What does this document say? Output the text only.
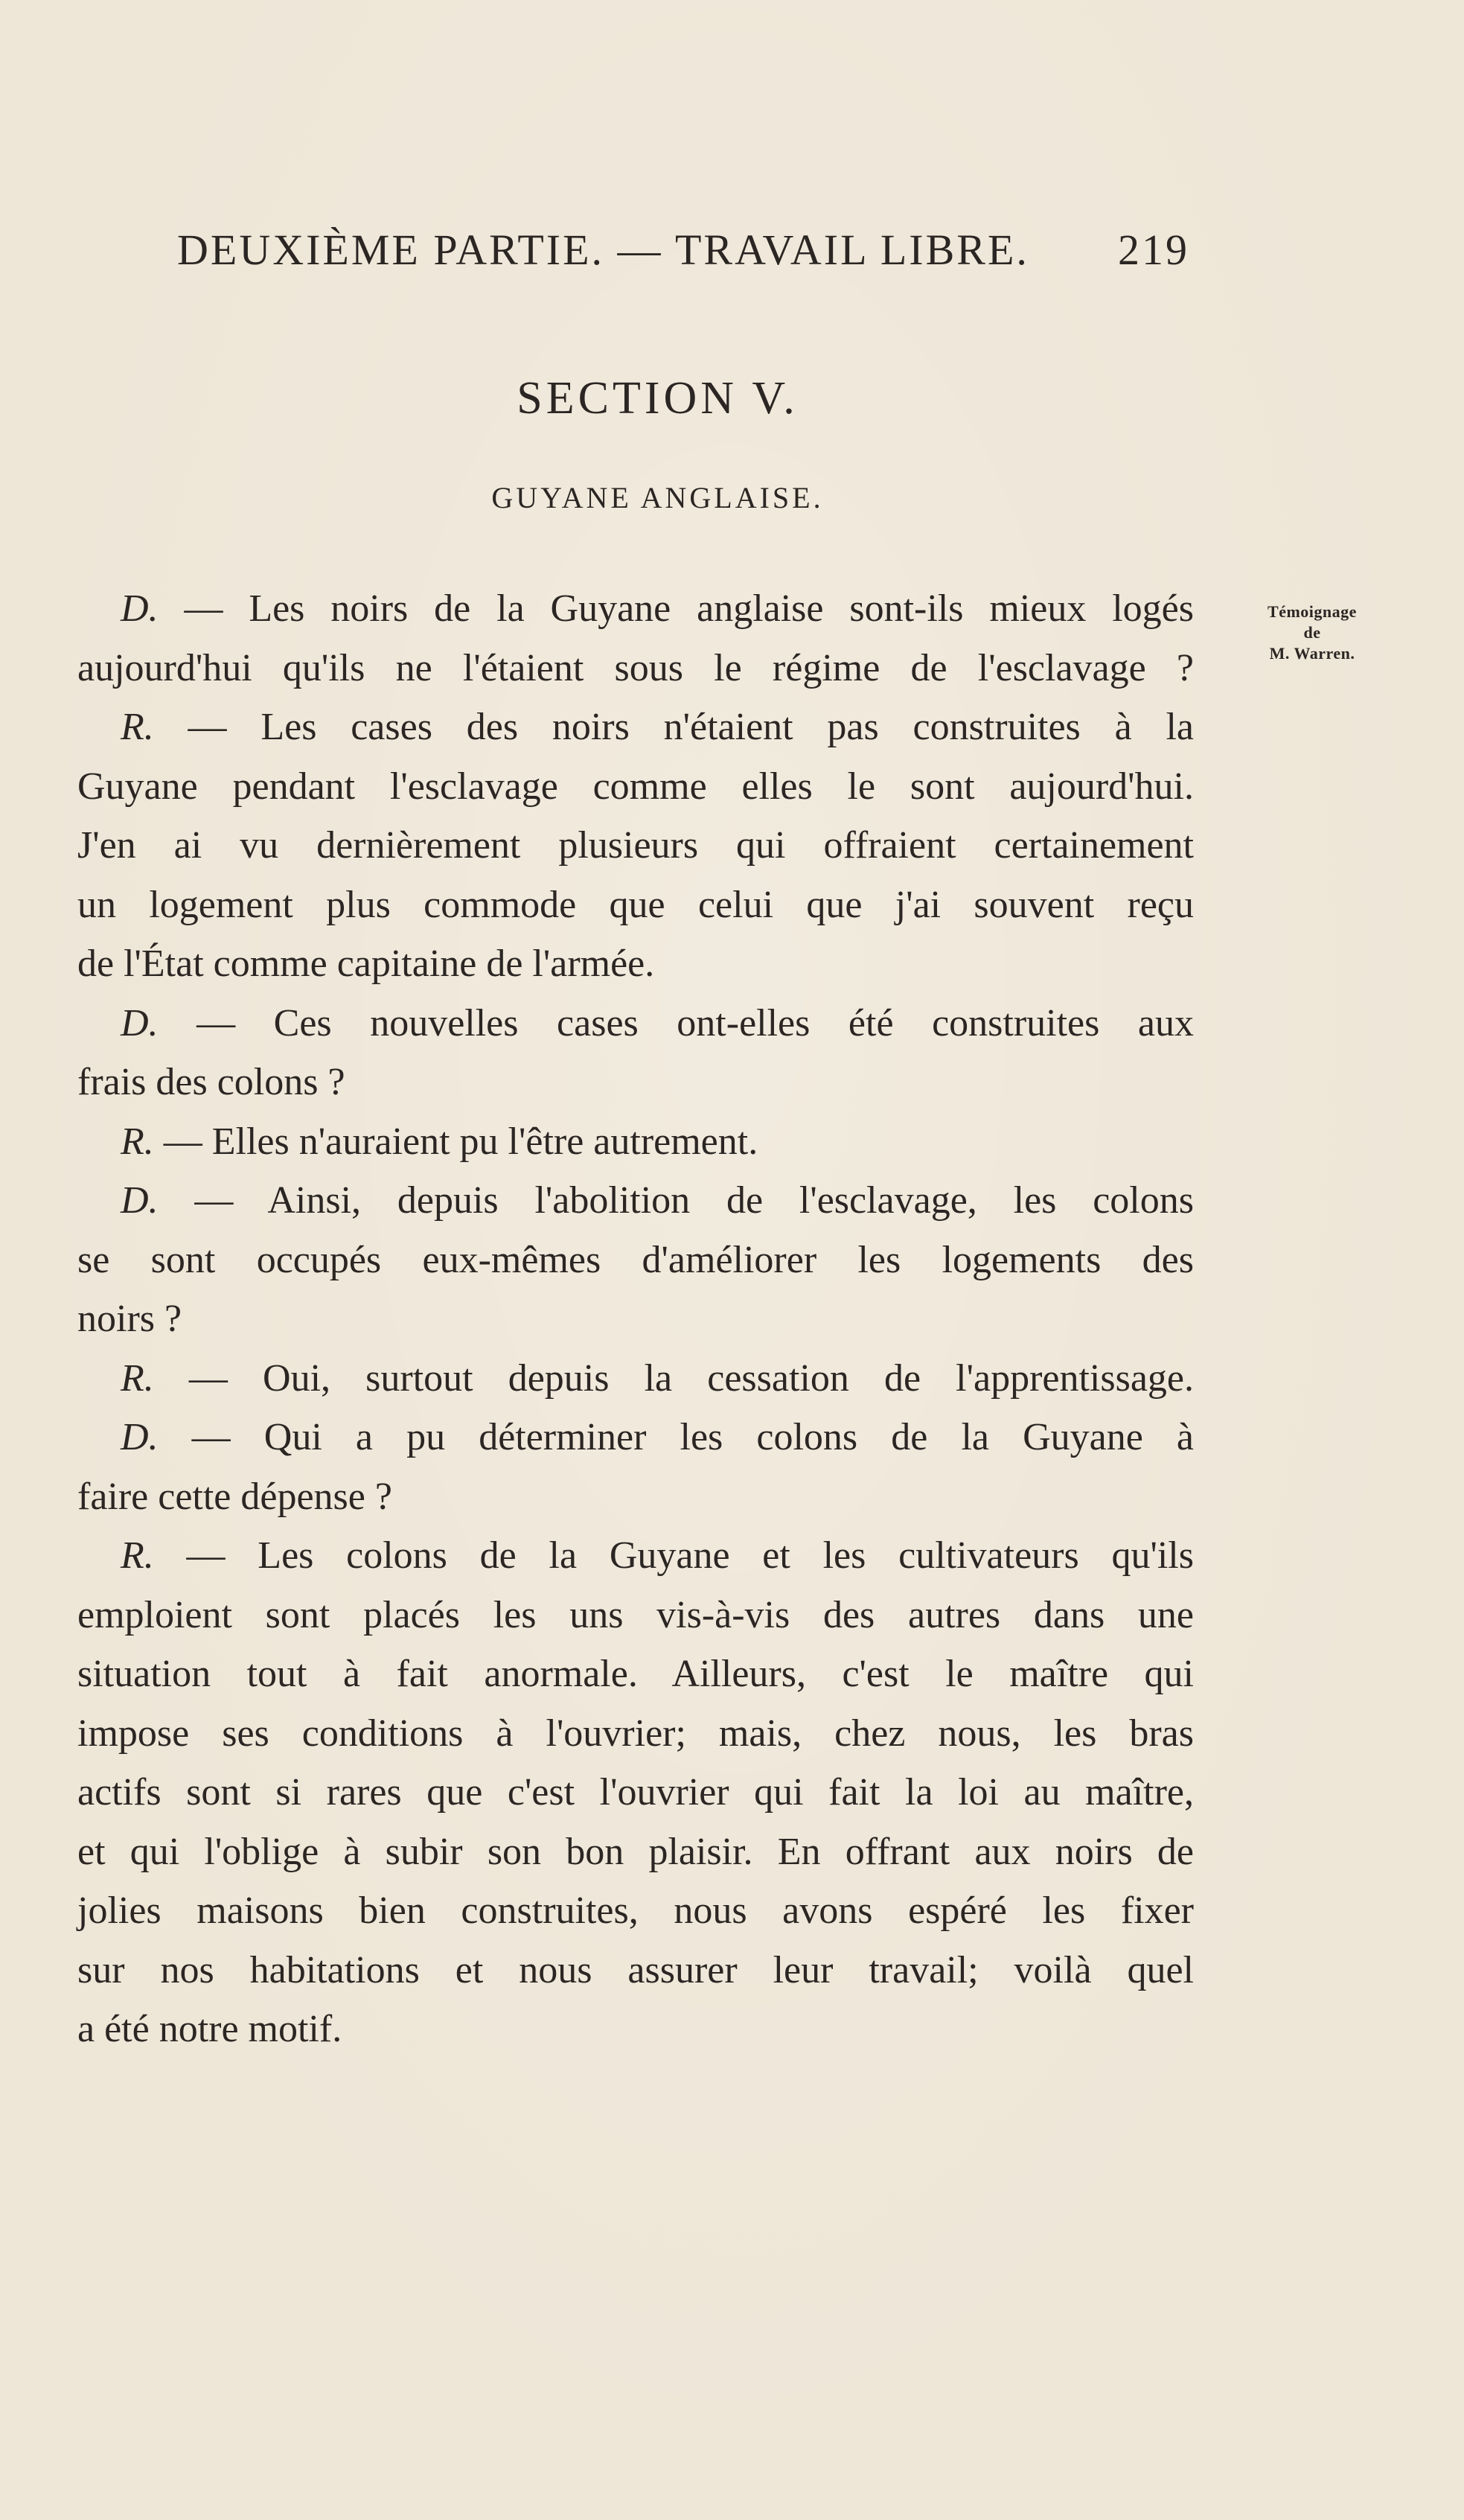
DEUXIÈME PARTIE. — TRAVAIL LIBRE. 219
SECTION V.
GUYANE ANGLAISE.
Témoignage
de
M. Warren.
D. — Les noirs de la Guyane anglaise sont-ils mieux logés
aujourd'hui qu'ils ne l'étaient sous le régime de l'esclavage ?
R. — Les cases des noirs n'étaient pas construites à la
Guyane pendant l'esclavage comme elles le sont aujourd'hui.
J'en ai vu dernièrement plusieurs qui offraient certainement
un logement plus commode que celui que j'ai souvent reçu
de l'État comme capitaine de l'armée.
D. — Ces nouvelles cases ont-elles été construites aux
frais des colons ?
R. — Elles n'auraient pu l'être autrement.
D. — Ainsi, depuis l'abolition de l'esclavage, les colons
se sont occupés eux-mêmes d'améliorer les logements des
noirs ?
R. — Oui, surtout depuis la cessation de l'apprentissage.
D. — Qui a pu déterminer les colons de la Guyane à
faire cette dépense ?
R. — Les colons de la Guyane et les cultivateurs qu'ils
emploient sont placés les uns vis-à-vis des autres dans une
situation tout à fait anormale. Ailleurs, c'est le maître qui
impose ses conditions à l'ouvrier; mais, chez nous, les bras
actifs sont si rares que c'est l'ouvrier qui fait la loi au maître,
et qui l'oblige à subir son bon plaisir. En offrant aux noirs de
jolies maisons bien construites, nous avons espéré les fixer
sur nos habitations et nous assurer leur travail; voilà quel
a été notre motif.
